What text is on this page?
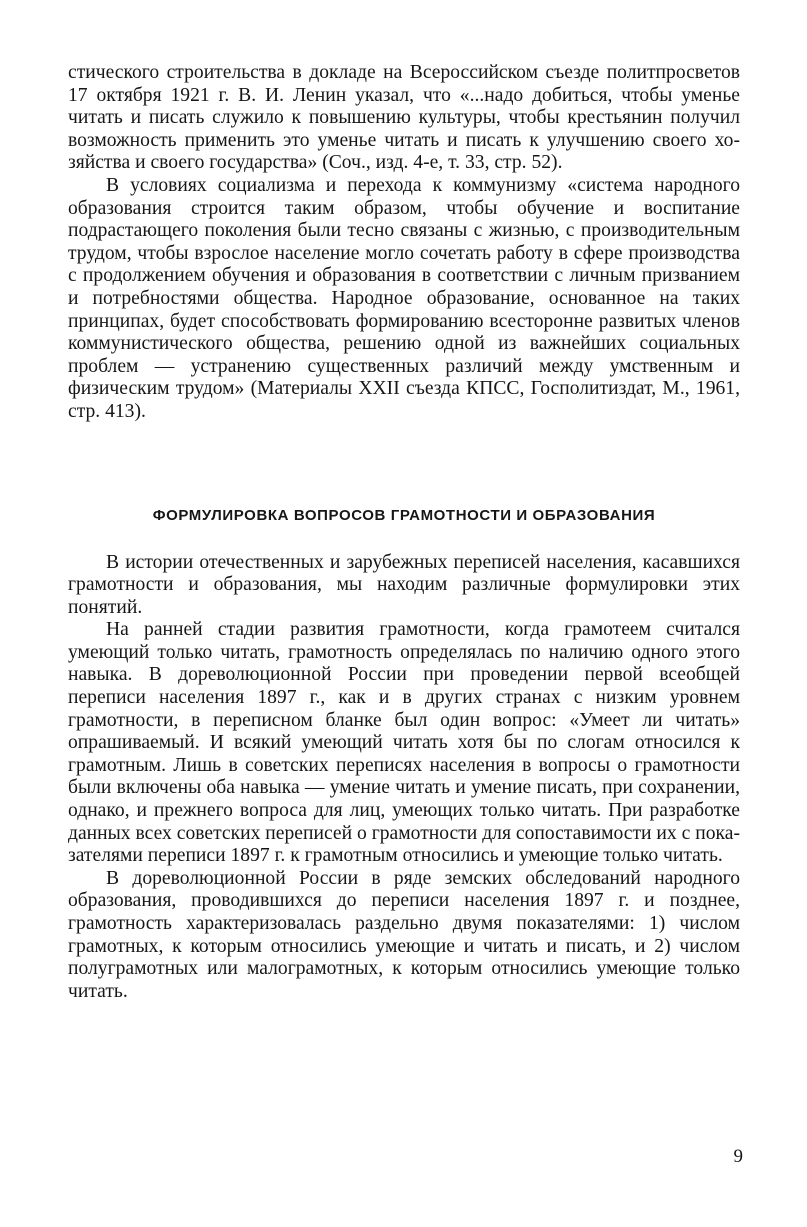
стического строительства в докладе на Всероссийском съезде политпросветов 17 октября 1921 г. В. И. Ленин указал, что «...надо добиться, чтобы уменье читать и писать служило к повышению культуры, чтобы крестьянин получил возможность применить это уменье читать и писать к улучшению своего хозяйства и своего государства» (Соч., изд. 4-е, т. 33, стр. 52).

В условиях социализма и перехода к коммунизму «система народного образования строится таким образом, чтобы обучение и воспитание подрастающего поколения были тесно связаны с жизнью, с производительным трудом, чтобы взрослое население могло сочетать работу в сфере производства с продолжением обучения и образования в соответствии с личным призванием и потребностями общества. Народное образование, основанное на таких принципах, будет способствовать формированию всесторонне развитых членов коммунистического общества, решению одной из важнейших социальных проблем — устранению существенных различий между умственным и физическим трудом» (Материалы XXII съезда КПСС, Госполитиздат, М., 1961, стр. 413).

ФОРМУЛИРОВКА ВОПРОСОВ ГРАМОТНОСТИ И ОБРАЗОВАНИЯ

В истории отечественных и зарубежных переписей населения, касавшихся грамотности и образования, мы находим различные формулировки этих понятий.

На ранней стадии развития грамотности, когда грамотеем считался умеющий только читать, грамотность определялась по наличию одного этого навыка. В дореволюционной России при проведении первой всеобщей переписи населения 1897 г., как и в других странах с низким уровнем грамотности, в переписном бланке был один вопрос: «Умеет ли читать» опрашиваемый. И всякий умеющий читать хотя бы по слогам относился к грамотным. Лишь в советских переписях населения в вопросы о грамотности были включены оба навыка — умение читать и умение писать, при сохранении, однако, и прежнего вопроса для лиц, умеющих только читать. При разработке данных всех советских переписей о грамотности для сопоставимости их с показателями переписи 1897 г. к грамотным относились и умеющие только читать.

В дореволюционной России в ряде земских обследований народного образования, проводившихся до переписи населения 1897 г. и позднее, грамотность характеризовалась раздельно двумя показателями: 1) числом грамотных, к которым относились умеющие и читать и писать, и 2) числом полуграмотных или малограмотных, к которым относились умеющие только читать.

9
